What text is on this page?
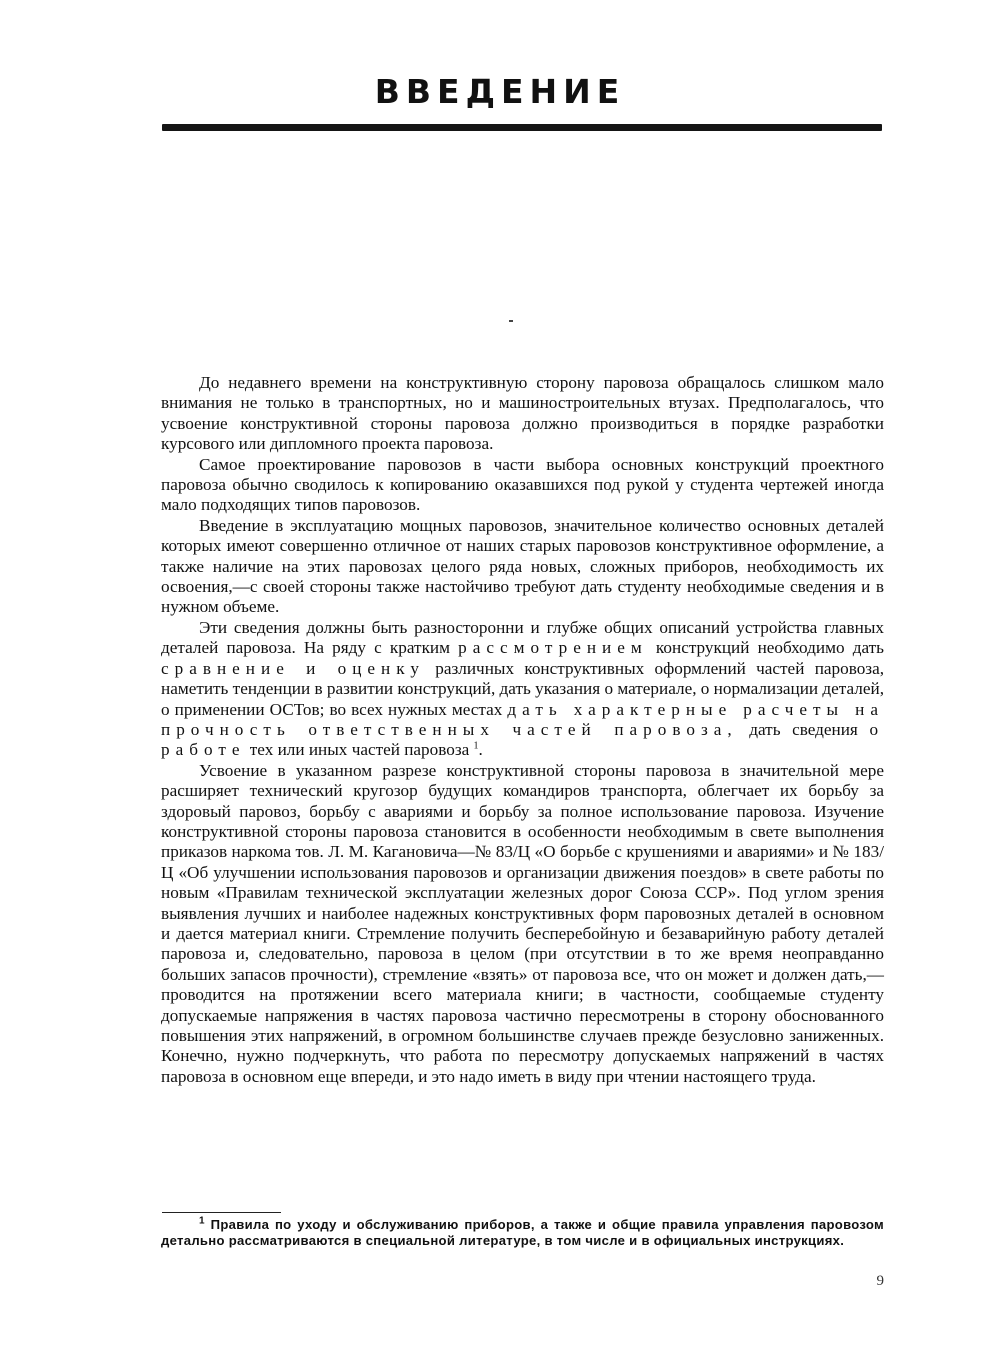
ВВЕДЕНИЕ

До недавнего времени на конструктивную сторону паровоза обращалось слишком мало внимания не только в транспортных, но и машиностроительных втузах. Предполагалось, что усвоение конструктивной стороны паровоза должно производиться в порядке разработки курсового или дипломного проекта паровоза.

Самое проектирование паровозов в части выбора основных конструкций проектного паровоза обычно сводилось к копированию оказавшихся под рукой у студента чертежей иногда мало подходящих типов паровозов.

Введение в эксплуатацию мощных паровозов, значительное количество основных деталей которых имеют совершенно отличное от наших старых паровозов конструктивное оформление, а также наличие на этих паровозах целого ряда новых, сложных приборов, необходимость их освоения,—с своей стороны также настойчиво требуют дать студенту необходимые сведения и в нужном объеме.

Эти сведения должны быть разносторонни и глубже общих описаний устройства главных деталей паровоза. На ряду с кратким рассмотрением конструкций необходимо дать сравнение и оценку различных конструктивных оформлений частей паровоза, наметить тенденции в развитии конструкций, дать указания о материале, о нормализации деталей, о применении ОСТов; во всех нужных местах дать характерные расчеты на прочность ответственных частей паровоза, дать сведения о работе тех или иных частей паровоза $^1$.

Усвоение в указанном разрезе конструктивной стороны паровоза в значительной мере расширяет технический кругозор будущих командиров транспорта, облегчает их борьбу за здоровый паровоз, борьбу с авариями и борьбу за полное использование паровоза. Изучение конструктивной стороны паровоза становится в особенности необходимым в свете выполнения приказов наркома тов. Л. М. Кагановича—№ 83/Ц «О борьбе с крушениями и авариями» и № 183/Ц «Об улучшении использования паровозов и организации движения поездов» в свете работы по новым «Правилам технической эксплуатации железных дорог Союза ССР». Под углом зрения выявления лучших и наиболее надежных конструктивных форм паровозных деталей в основном и дается материал книги. Стремление получить бесперебойную и безаварийную работу деталей паровоза и, следовательно, паровоза в целом (при отсутствии в то же время неоправданно больших запасов прочности), стремление «взять» от паровоза все, что он может и должен дать,—проводится на протяжении всего материала книги; в частности, сообщаемые студенту допускаемые напряжения в частях паровоза частично пересмотрены в сторону обоснованного повышения этих напряжений, в огромном большинстве случаев прежде безусловно заниженных. Конечно, нужно подчеркнуть, что работа по пересмотру допускаемых напряжений в частях паровоза в основном еще впереди, и это надо иметь в виду при чтении настоящего труда.

$^1$ Правила по уходу и обслуживанию приборов, а также и общие правила управления паровозом детально рассматриваются в специальной литературе, в том числе и в официальных инструкциях.

9
